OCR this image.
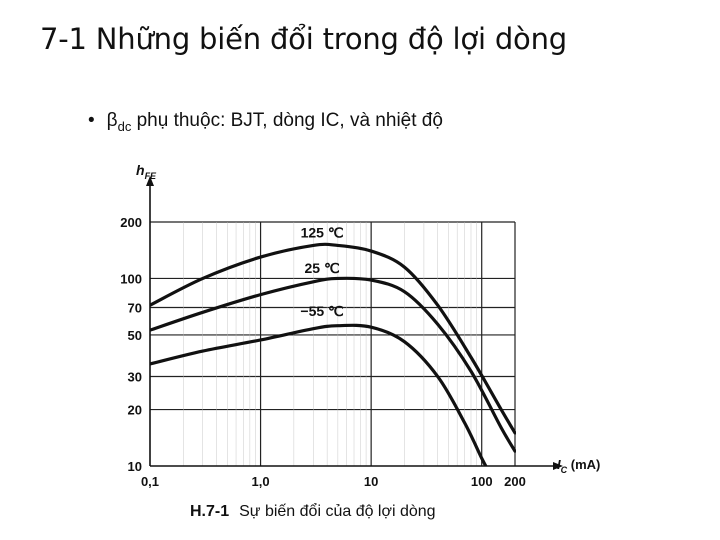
7-1 Những biến đổi trong độ lợi dòng
• $\beta_{dc}$ phụ thuộc: BJT, dòng IC, và nhiệt độ
10
20
30
50
70
100
200
0,1	1,0	10	100 200
$h_{FE}$
$I_C$ (mA)
125 ℃
25 ℃
−55 ℃
H.7-1 Sự biến đổi của độ lợi dòng
